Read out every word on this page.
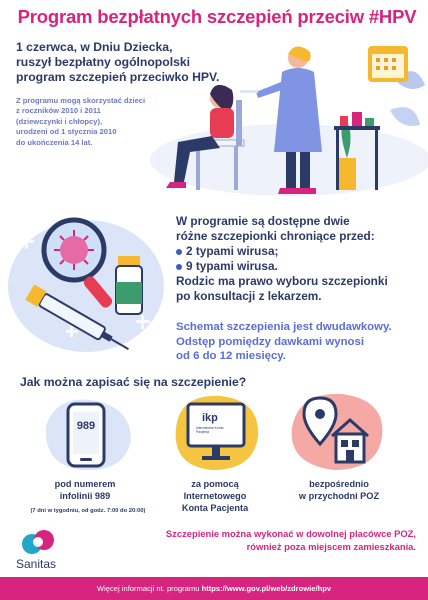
Program bezpłatnych szczepień przeciw #HPV
1 czerwca, w Dniu Dziecka,
ruszył bezpłatny ogólnopolski
program szczepień przeciwko HPV.
Z programu mogą skorzystać dzieci
z roczników 2010 i 2011
(dziewczynki i chłopcy),
urodzeni od 1 stycznia 2010
do ukończenia 14 lat.
W programie są dostępne dwie
różne szczepionki chroniące przed:
2 typami wirusa;
9 typami wirusa.
Rodzic ma prawo wyboru szczepionki
po konsultacji z lekarzem.
Schemat szczepienia jest dwudawkowy.
Odstęp pomiędzy dawkami wynosi
od 6 do 12 miesięcy.
Jak można zapisać się na szczepienie?
989
pod numerem
infolinii 989
(7 dni w tygodniu, od godz. 7:00 do 20:00)
ikp
Internetowe Konto Pacjenta
za pomocą
Internetowego
Konta Pacjenta
bezpośrednio
w przychodni POZ
Szczepienie można wykonać w dowolnej placówce POZ,
również poza miejscem zamieszkania.
Sanitas
Więcej informacji nt. programu https://www.gov.pl/web/zdrowie/hpv
